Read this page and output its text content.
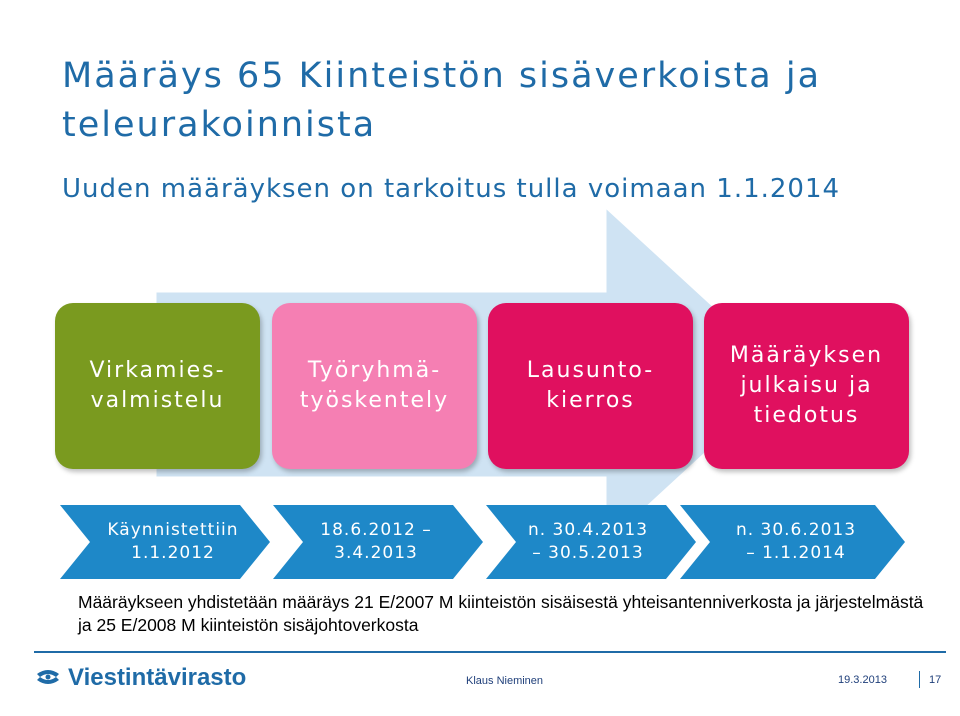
Määräys 65 Kiinteistön sisäverkoista ja teleurakoinnista
Uuden määräyksen on tarkoitus tulla voimaan 1.1.2014
Virkamies-
valmistelu
Työryhmä-
työskentely
Lausunto-
kierros
Määräyksen
julkaisu ja
tiedotus
Käynnistettiin
1.1.2012
18.6.2012 –
3.4.2013
n. 30.4.2013
– 30.5.2013
n. 30.6.2013
– 1.1.2014
Määräykseen yhdistetään määräys 21 E/2007 M kiinteistön sisäisestä yhteisantenniverkosta ja järjestelmästä ja 25 E/2008 M kiinteistön sisäjohtoverkosta
Viestintävirasto	Klaus Nieminen	19.3.2013	17
